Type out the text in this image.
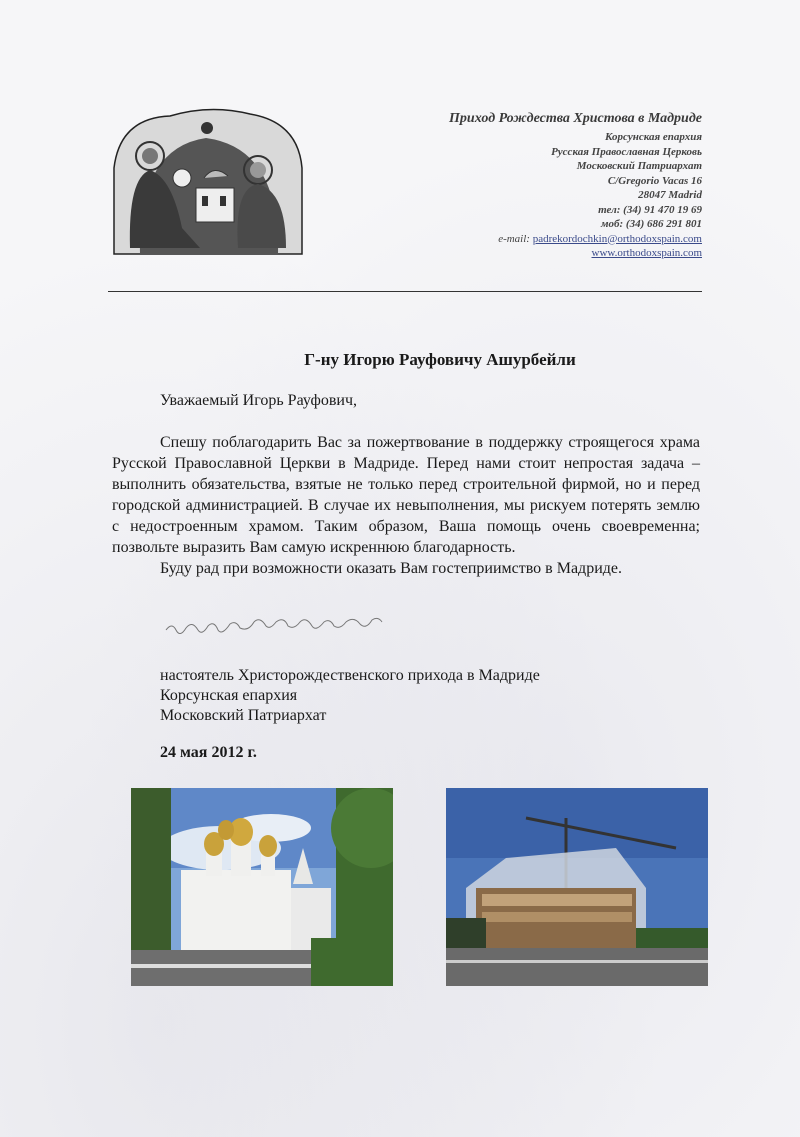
Приход Рождества Христова в Мадриде
Корсунская епархия
Русская Православная Церковь
Московский Патриархат
C/Gregorio Vacas 16
28047 Madrid
тел: (34) 91 470 19 69
моб: (34) 686 291 801
e-mail: padrekordochkin@orthodoxspain.com
www.orthodoxspain.com
Г-ну Игорю Рауфовичу Ашурбейли
Уважаемый Игорь Рауфович,

Спешу поблагодарить Вас за пожертвование в поддержку строящегося храма Русской Православной Церкви в Мадриде. Перед нами стоит непростая задача – выполнить обязательства, взятые не только перед строительной фирмой, но и перед городской администрацией. В случае их невыполнения, мы рискуем потерять землю с недостроенным храмом. Таким образом, Ваша помощь очень своевременна; позвольте выразить Вам самую искреннюю благодарность.

Буду рад при возможности оказать Вам гостеприимство в Мадриде.

настоятель Христорождественского прихода в Мадриде
Корсунская епархия
Московский Патриархат
24 мая 2012 г.
